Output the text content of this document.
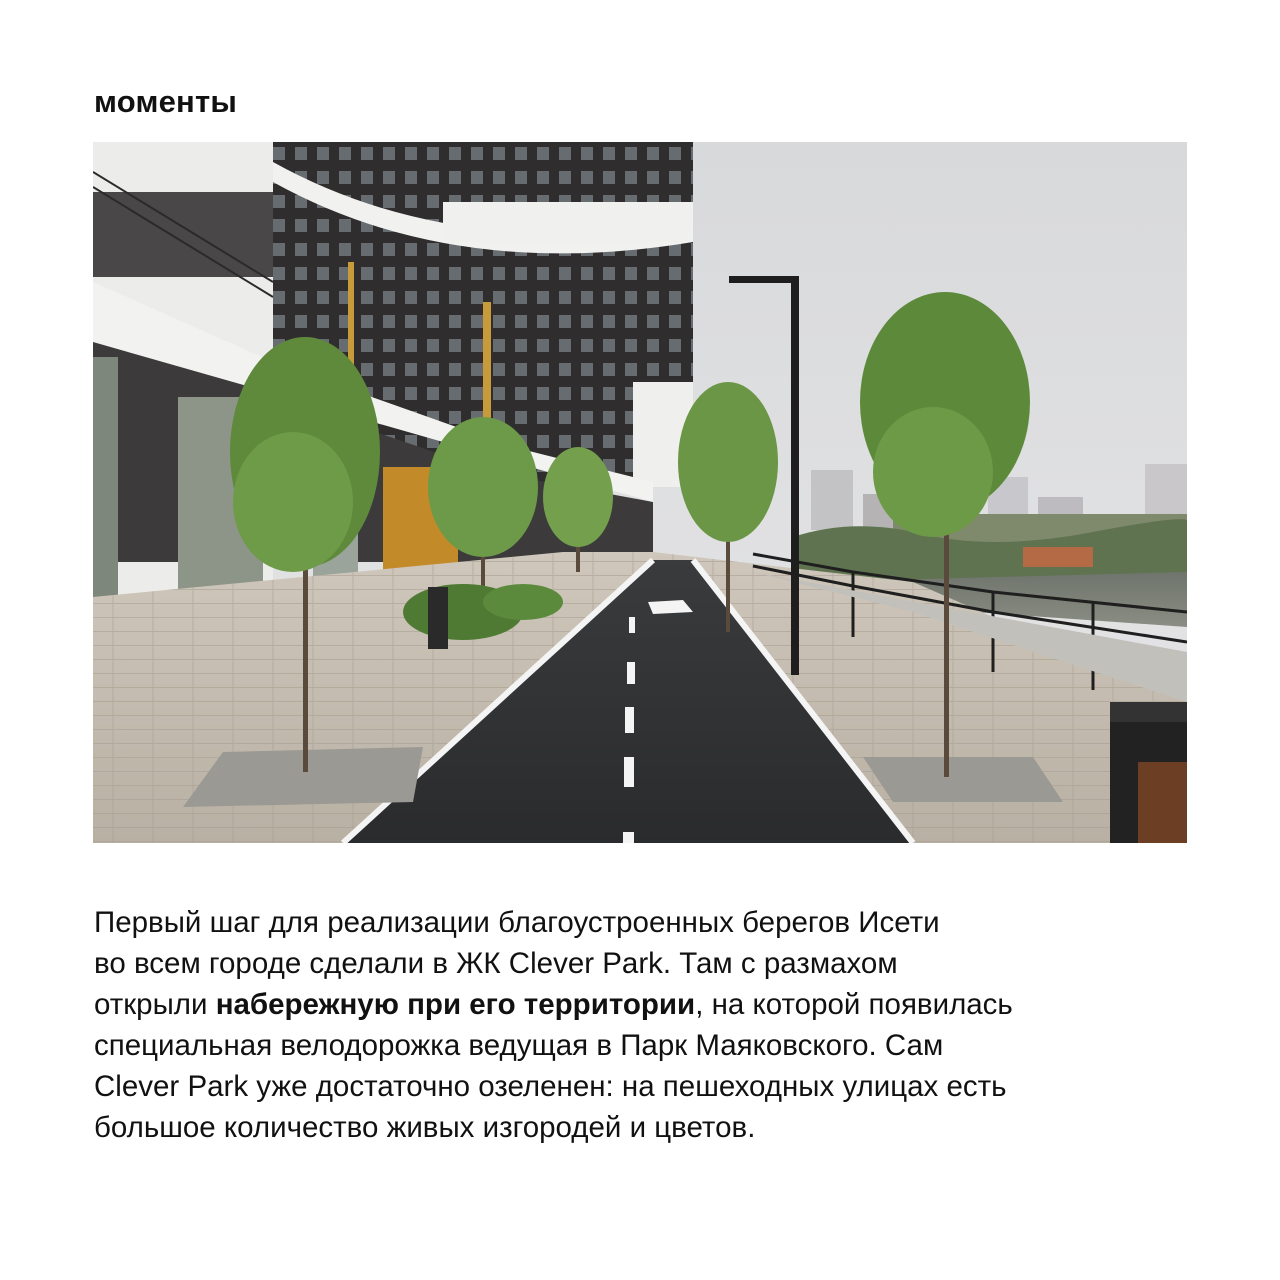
моменты
Первый шаг для реализации благоустроенных берегов Исети
во всем городе сделали в ЖК Clever Park. Там с размахом
открыли набережную при его территории, на которой появилась
специальная велодорожка ведущая в Парк Маяковского. Сам
Clever Park уже достаточно озеленен: на пешеходных улицах есть
большое количество живых изгородей и цветов.
